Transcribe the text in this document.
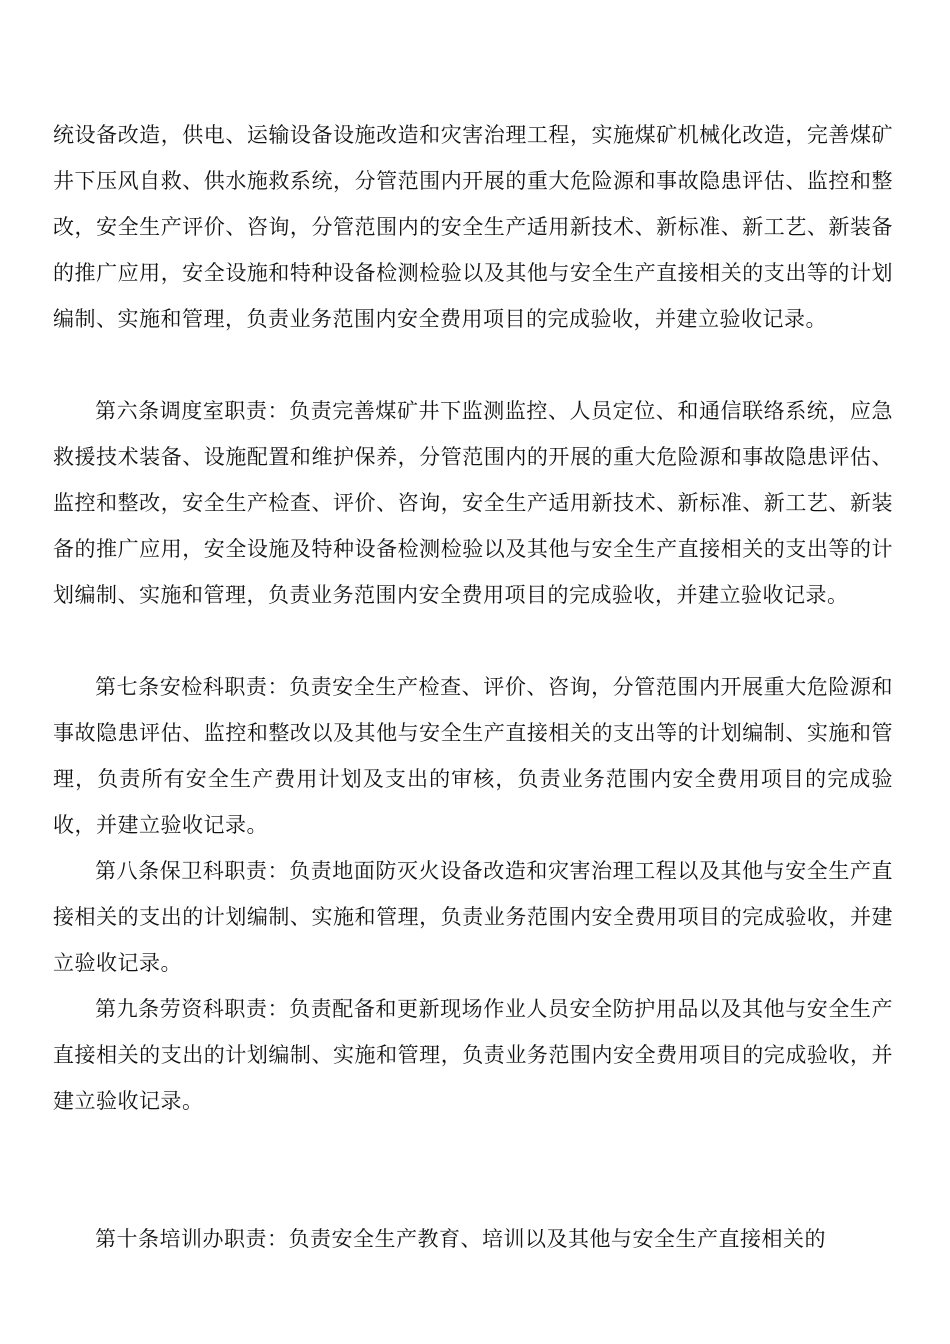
统设备改造，供电、运输设备设施改造和灾害治理工程，实施煤矿机械化改造，完善煤矿井下压风自救、供水施救系统，分管范围内开展的重大危险源和事故隐患评估、监控和整改，安全生产评价、咨询，分管范围内的安全生产适用新技术、新标准、新工艺、新装备的推广应用，安全设施和特种设备检测检验以及其他与安全生产直接相关的支出等的计划编制、实施和管理，负责业务范围内安全费用项目的完成验收，并建立验收记录。

第六条调度室职责：负责完善煤矿井下监测监控、人员定位、和通信联络系统，应急救援技术装备、设施配置和维护保养，分管范围内的开展的重大危险源和事故隐患评估、监控和整改，安全生产检查、评价、咨询，安全生产适用新技术、新标准、新工艺、新装备的推广应用，安全设施及特种设备检测检验以及其他与安全生产直接相关的支出等的计划编制、实施和管理，负责业务范围内安全费用项目的完成验收，并建立验收记录。

第七条安检科职责：负责安全生产检查、评价、咨询，分管范围内开展重大危险源和事故隐患评估、监控和整改以及其他与安全生产直接相关的支出等的计划编制、实施和管理，负责所有安全生产费用计划及支出的审核，负责业务范围内安全费用项目的完成验收，并建立验收记录。

第八条保卫科职责：负责地面防灭火设备改造和灾害治理工程以及其他与安全生产直接相关的支出的计划编制、实施和管理，负责业务范围内安全费用项目的完成验收，并建立验收记录。

第九条劳资科职责：负责配备和更新现场作业人员安全防护用品以及其他与安全生产直接相关的支出的计划编制、实施和管理，负责业务范围内安全费用项目的完成验收，并建立验收记录。

第十条培训办职责：负责安全生产教育、培训以及其他与安全生产直接相关的
